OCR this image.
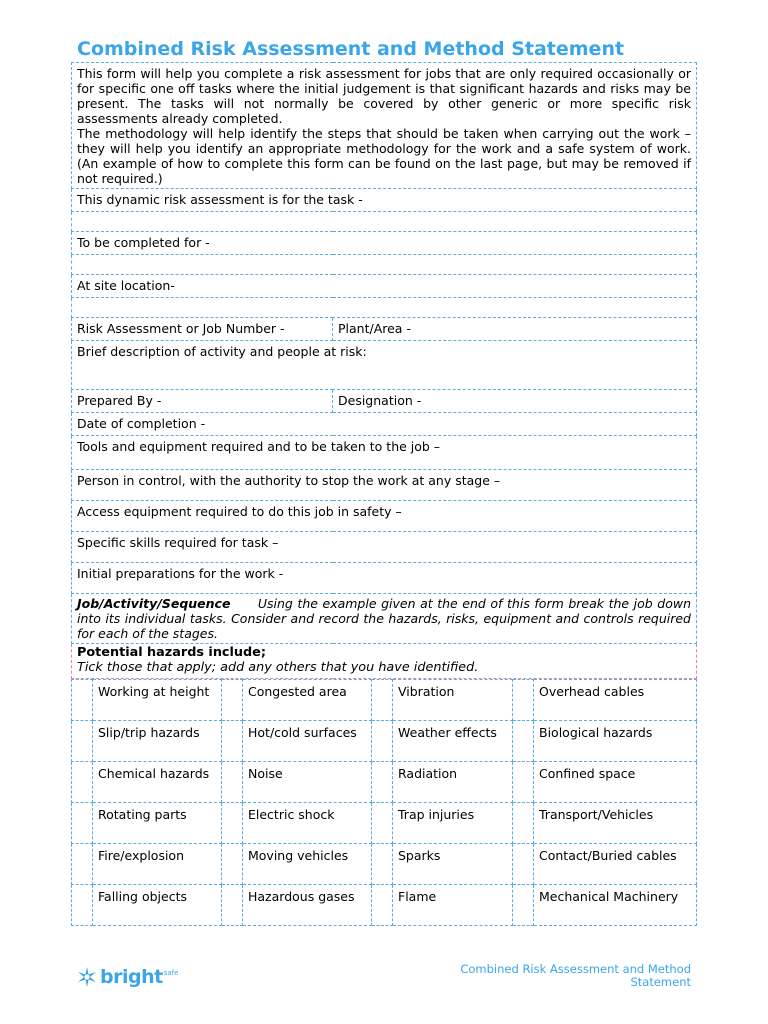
Combined Risk Assessment and Method Statement

This form will help you complete a risk assessment for jobs that are only required occasionally or for specific one off tasks where the initial judgement is that significant hazards and risks may be present. The tasks will not normally be covered by other generic or more specific risk assessments already completed.

The methodology will help identify the steps that should be taken when carrying out the work – they will help you identify an appropriate methodology for the work and a safe system of work. (An example of how to complete this form can be found on the last page, but may be removed if not required.)	

This dynamic risk assessment is for the task -	

To be completed for -	

At site location-	

Risk Assessment or Job Number -	Plant/Area -
Brief description of activity and people at risk:	
Prepared By -	Designation -
Date of completion -	
Tools and equipment required and to be taken to the job –	
Person in control, with the authority to stop the work at any stage –	
Access equipment required to do this job in safety –	
Specific skills required for task –	
Initial preparations for the work -	
Job/Activity/Sequence Using the example given at the end of this form break the job down into its individual tasks. Consider and record the hazards, risks, equipment and controls required for each of the stages.	

Potential hazards include;
Tick those that apply; add any others that you have identified.	
	Working at height		Congested area		Vibration		Overhead cables
	Slip/trip hazards		Hot/cold surfaces		Weather effects		Biological hazards
	Chemical hazards		Noise		Radiation		Confined space
	Rotating parts		Electric shock		Trap injuries		Transport/Vehicles
	Fire/explosion		Moving vehicles		Sparks		Contact/Buried cables
	Falling objects		Hazardous gases		Flame		Mechanical Machinery
bright safe	Combined Risk Assessment and Method Statement
